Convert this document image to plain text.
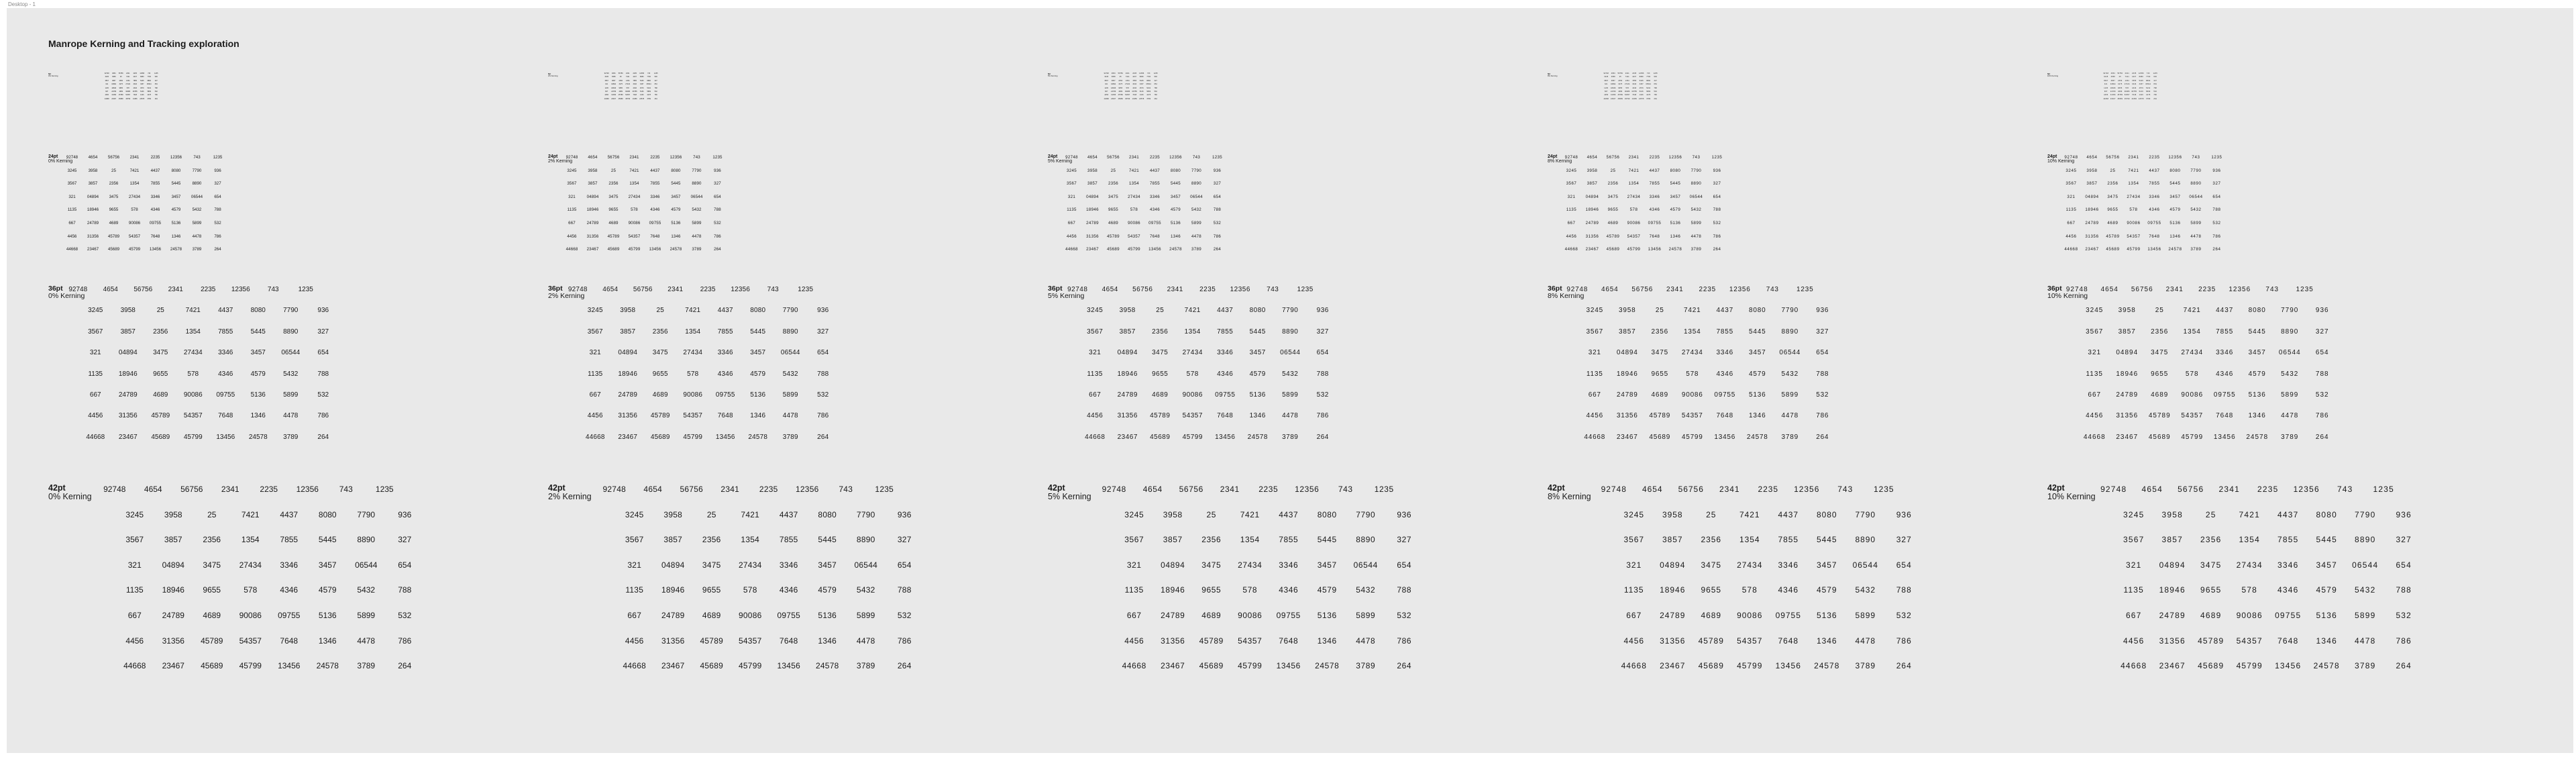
Desktop - 1
Manrope Kerning and Tracking exploration
8pt
0% Kerning
92748	4654	56756	2341	2235	12356	743	1235
3245	3958	25	7421	4437	8080	7790	936
3567	3857	2356	1354	7855	5445	8890	327
321	04894	3475	27434	3346	3457	06544	654
1135	18946	9655	578	4346	4579	5432	788
667	24789	4689	90086	09755	5136	5899	532
4456	31356	45789	54357	7648	1346	4478	786
44668	23467	45689	45799	13456	24578	3789	264
24pt
0% Kerning
92748	4654	56756	2341	2235	12356	743	1235
3245	3958	25	7421	4437	8080	7790	936
3567	3857	2356	1354	7855	5445	8890	327
321	04894	3475	27434	3346	3457	06544	654
1135	18946	9655	578	4346	4579	5432	788
667	24789	4689	90086	09755	5136	5899	532
4456	31356	45789	54357	7648	1346	4478	786
44668	23467	45689	45799	13456	24578	3789	264
36pt
0% Kerning
92748	4654	56756	2341	2235	12356	743	1235
3245	3958	25	7421	4437	8080	7790	936
3567	3857	2356	1354	7855	5445	8890	327
321	04894	3475	27434	3346	3457	06544	654
1135	18946	9655	578	4346	4579	5432	788
667	24789	4689	90086	09755	5136	5899	532
4456	31356	45789	54357	7648	1346	4478	786
44668	23467	45689	45799	13456	24578	3789	264
42pt
0% Kerning
92748	4654	56756	2341	2235	12356	743	1235
3245	3958	25	7421	4437	8080	7790	936
3567	3857	2356	1354	7855	5445	8890	327
321	04894	3475	27434	3346	3457	06544	654
1135	18946	9655	578	4346	4579	5432	788
667	24789	4689	90086	09755	5136	5899	532
4456	31356	45789	54357	7648	1346	4478	786
44668	23467	45689	45799	13456	24578	3789	264
8pt
2% Kerning
92748	4654	56756	2341	2235	12356	743	1235
3245	3958	25	7421	4437	8080	7790	936
3567	3857	2356	1354	7855	5445	8890	327
321	04894	3475	27434	3346	3457	06544	654
1135	18946	9655	578	4346	4579	5432	788
667	24789	4689	90086	09755	5136	5899	532
4456	31356	45789	54357	7648	1346	4478	786
44668	23467	45689	45799	13456	24578	3789	264
24pt
2% Kerning
92748	4654	56756	2341	2235	12356	743	1235
3245	3958	25	7421	4437	8080	7790	936
3567	3857	2356	1354	7855	5445	8890	327
321	04894	3475	27434	3346	3457	06544	654
1135	18946	9655	578	4346	4579	5432	788
667	24789	4689	90086	09755	5136	5899	532
4456	31356	45789	54357	7648	1346	4478	786
44668	23467	45689	45799	13456	24578	3789	264
36pt
2% Kerning
92748	4654	56756	2341	2235	12356	743	1235
3245	3958	25	7421	4437	8080	7790	936
3567	3857	2356	1354	7855	5445	8890	327
321	04894	3475	27434	3346	3457	06544	654
1135	18946	9655	578	4346	4579	5432	788
667	24789	4689	90086	09755	5136	5899	532
4456	31356	45789	54357	7648	1346	4478	786
44668	23467	45689	45799	13456	24578	3789	264
42pt
2% Kerning
92748	4654	56756	2341	2235	12356	743	1235
3245	3958	25	7421	4437	8080	7790	936
3567	3857	2356	1354	7855	5445	8890	327
321	04894	3475	27434	3346	3457	06544	654
1135	18946	9655	578	4346	4579	5432	788
667	24789	4689	90086	09755	5136	5899	532
4456	31356	45789	54357	7648	1346	4478	786
44668	23467	45689	45799	13456	24578	3789	264
8pt
5% Kerning
92748	4654	56756	2341	2235	12356	743	1235
3245	3958	25	7421	4437	8080	7790	936
3567	3857	2356	1354	7855	5445	8890	327
321	04894	3475	27434	3346	3457	06544	654
1135	18946	9655	578	4346	4579	5432	788
667	24789	4689	90086	09755	5136	5899	532
4456	31356	45789	54357	7648	1346	4478	786
44668	23467	45689	45799	13456	24578	3789	264
24pt
5% Kerning
92748	4654	56756	2341	2235	12356	743	1235
3245	3958	25	7421	4437	8080	7790	936
3567	3857	2356	1354	7855	5445	8890	327
321	04894	3475	27434	3346	3457	06544	654
1135	18946	9655	578	4346	4579	5432	788
667	24789	4689	90086	09755	5136	5899	532
4456	31356	45789	54357	7648	1346	4478	786
44668	23467	45689	45799	13456	24578	3789	264
36pt
5% Kerning
92748	4654	56756	2341	2235	12356	743	1235
3245	3958	25	7421	4437	8080	7790	936
3567	3857	2356	1354	7855	5445	8890	327
321	04894	3475	27434	3346	3457	06544	654
1135	18946	9655	578	4346	4579	5432	788
667	24789	4689	90086	09755	5136	5899	532
4456	31356	45789	54357	7648	1346	4478	786
44668	23467	45689	45799	13456	24578	3789	264
42pt
5% Kerning
92748	4654	56756	2341	2235	12356	743	1235
3245	3958	25	7421	4437	8080	7790	936
3567	3857	2356	1354	7855	5445	8890	327
321	04894	3475	27434	3346	3457	06544	654
1135	18946	9655	578	4346	4579	5432	788
667	24789	4689	90086	09755	5136	5899	532
4456	31356	45789	54357	7648	1346	4478	786
44668	23467	45689	45799	13456	24578	3789	264
8pt
8% Kerning
92748	4654	56756	2341	2235	12356	743	1235
3245	3958	25	7421	4437	8080	7790	936
3567	3857	2356	1354	7855	5445	8890	327
321	04894	3475	27434	3346	3457	06544	654
1135	18946	9655	578	4346	4579	5432	788
667	24789	4689	90086	09755	5136	5899	532
4456	31356	45789	54357	7648	1346	4478	786
44668	23467	45689	45799	13456	24578	3789	264
24pt
8% Kerning
92748	4654	56756	2341	2235	12356	743	1235
3245	3958	25	7421	4437	8080	7790	936
3567	3857	2356	1354	7855	5445	8890	327
321	04894	3475	27434	3346	3457	06544	654
1135	18946	9655	578	4346	4579	5432	788
667	24789	4689	90086	09755	5136	5899	532
4456	31356	45789	54357	7648	1346	4478	786
44668	23467	45689	45799	13456	24578	3789	264
36pt
8% Kerning
92748	4654	56756	2341	2235	12356	743	1235
3245	3958	25	7421	4437	8080	7790	936
3567	3857	2356	1354	7855	5445	8890	327
321	04894	3475	27434	3346	3457	06544	654
1135	18946	9655	578	4346	4579	5432	788
667	24789	4689	90086	09755	5136	5899	532
4456	31356	45789	54357	7648	1346	4478	786
44668	23467	45689	45799	13456	24578	3789	264
42pt
8% Kerning
92748	4654	56756	2341	2235	12356	743	1235
3245	3958	25	7421	4437	8080	7790	936
3567	3857	2356	1354	7855	5445	8890	327
321	04894	3475	27434	3346	3457	06544	654
1135	18946	9655	578	4346	4579	5432	788
667	24789	4689	90086	09755	5136	5899	532
4456	31356	45789	54357	7648	1346	4478	786
44668	23467	45689	45799	13456	24578	3789	264
8pt
10% Kerning
92748	4654	56756	2341	2235	12356	743	1235
3245	3958	25	7421	4437	8080	7790	936
3567	3857	2356	1354	7855	5445	8890	327
321	04894	3475	27434	3346	3457	06544	654
1135	18946	9655	578	4346	4579	5432	788
667	24789	4689	90086	09755	5136	5899	532
4456	31356	45789	54357	7648	1346	4478	786
44668	23467	45689	45799	13456	24578	3789	264
24pt
10% Kerning
92748	4654	56756	2341	2235	12356	743	1235
3245	3958	25	7421	4437	8080	7790	936
3567	3857	2356	1354	7855	5445	8890	327
321	04894	3475	27434	3346	3457	06544	654
1135	18946	9655	578	4346	4579	5432	788
667	24789	4689	90086	09755	5136	5899	532
4456	31356	45789	54357	7648	1346	4478	786
44668	23467	45689	45799	13456	24578	3789	264
36pt
10% Kerning
92748	4654	56756	2341	2235	12356	743	1235
3245	3958	25	7421	4437	8080	7790	936
3567	3857	2356	1354	7855	5445	8890	327
321	04894	3475	27434	3346	3457	06544	654
1135	18946	9655	578	4346	4579	5432	788
667	24789	4689	90086	09755	5136	5899	532
4456	31356	45789	54357	7648	1346	4478	786
44668	23467	45689	45799	13456	24578	3789	264
42pt
10% Kerning
92748	4654	56756	2341	2235	12356	743	1235
3245	3958	25	7421	4437	8080	7790	936
3567	3857	2356	1354	7855	5445	8890	327
321	04894	3475	27434	3346	3457	06544	654
1135	18946	9655	578	4346	4579	5432	788
667	24789	4689	90086	09755	5136	5899	532
4456	31356	45789	54357	7648	1346	4478	786
44668	23467	45689	45799	13456	24578	3789	264
